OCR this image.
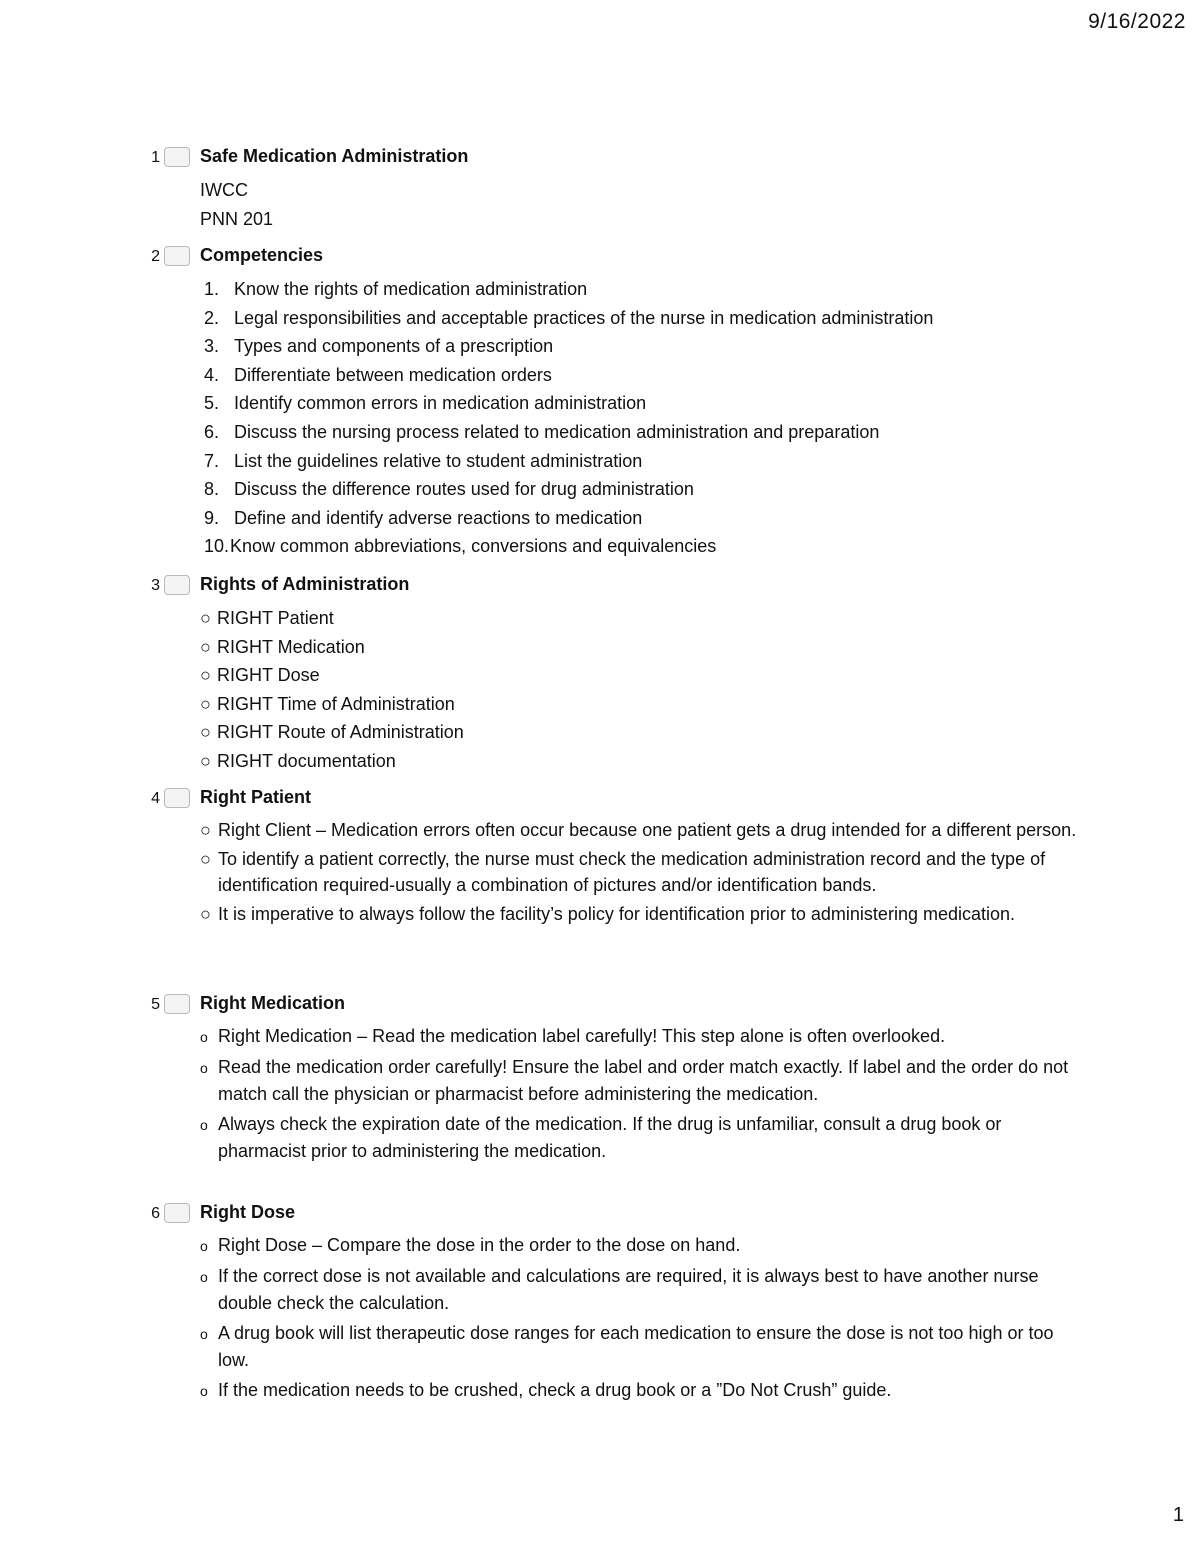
9/16/2022
1 Safe Medication Administration
IWCC
PNN 201
2 Competencies
1. Know the rights of medication administration
2. Legal responsibilities and acceptable practices of the nurse in medication administration
3. Types and components of a prescription
4. Differentiate between medication orders
5. Identify common errors in medication administration
6. Discuss the nursing process related to medication administration and preparation
7. List the guidelines relative to student administration
8. Discuss the difference routes used for drug administration
9. Define and identify adverse reactions to medication
10. Know common abbreviations, conversions and equivalencies
3 Rights of Administration
○ RIGHT Patient
○ RIGHT Medication
○ RIGHT Dose
○ RIGHT Time of Administration
○ RIGHT Route of Administration
○ RIGHT documentation
4 Right Patient
○ Right Client – Medication errors often occur because one patient gets a drug intended for a different person.
○ To identify a patient correctly, the nurse must check the medication administration record and the type of identification required-usually a combination of pictures and/or identification bands.
○ It is imperative to always follow the facility’s policy for identification prior to administering medication.
5 Right Medication
o Right Medication – Read the medication label carefully! This step alone is often overlooked.
o Read the medication order carefully! Ensure the label and order match exactly. If label and the order do not match call the physician or pharmacist before administering the medication.
o Always check the expiration date of the medication. If the drug is unfamiliar, consult a drug book or pharmacist prior to administering the medication.
6 Right Dose
o Right Dose – Compare the dose in the order to the dose on hand.
o If the correct dose is not available and calculations are required, it is always best to have another nurse double check the calculation.
o A drug book will list therapeutic dose ranges for each medication to ensure the dose is not too high or too low.
o If the medication needs to be crushed, check a drug book or a ”Do Not Crush” guide.
1
